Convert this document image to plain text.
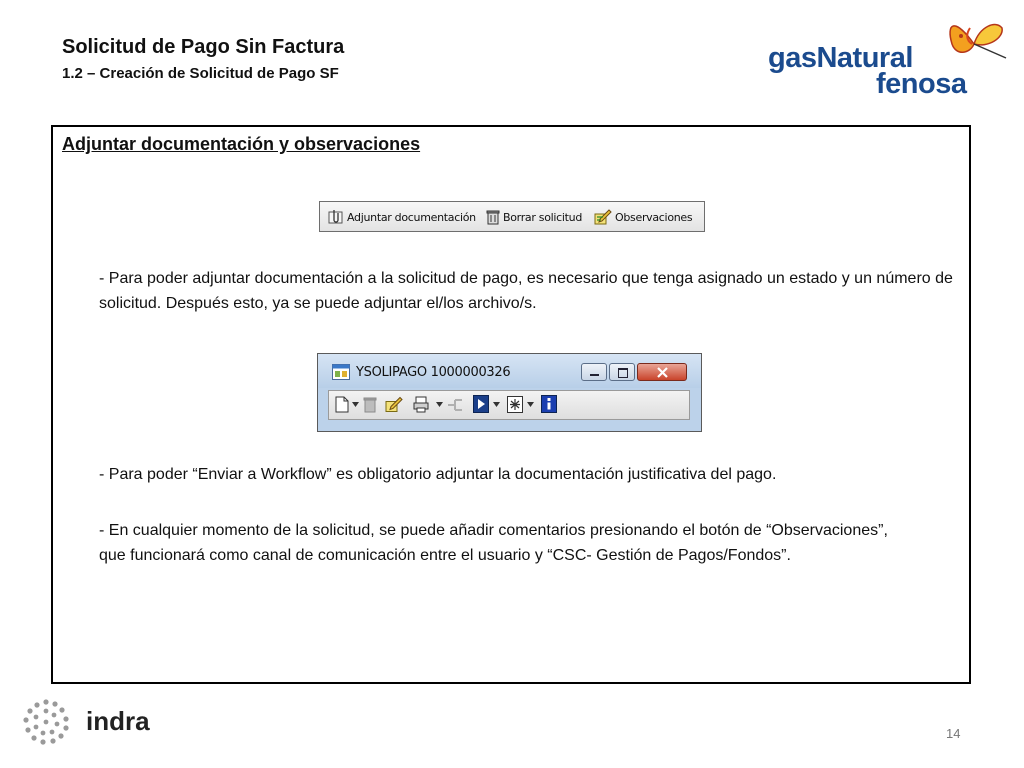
Solicitud de Pago Sin Factura
1.2 – Creación de Solicitud de Pago SF	gasNatural
fenosa
Adjuntar documentación y observaciones
Adjuntar documentación Borrar solicitud	Observaciones
- Para poder adjuntar documentación a la solicitud de pago, es necesario que tenga asignado un estado y un número de solicitud. Después esto, ya se puede adjuntar el/los archivo/s.
YSOLIPAGO 1000000326
- Para poder “Enviar a Workflow” es obligatorio adjuntar la documentación justificativa del pago.
- En cualquier momento de la solicitud, se puede añadir comentarios presionando el botón de “Observaciones”, que funcionará como canal de comunicación entre el usuario y “CSC- Gestión de Pagos/Fondos”.
indra	14
